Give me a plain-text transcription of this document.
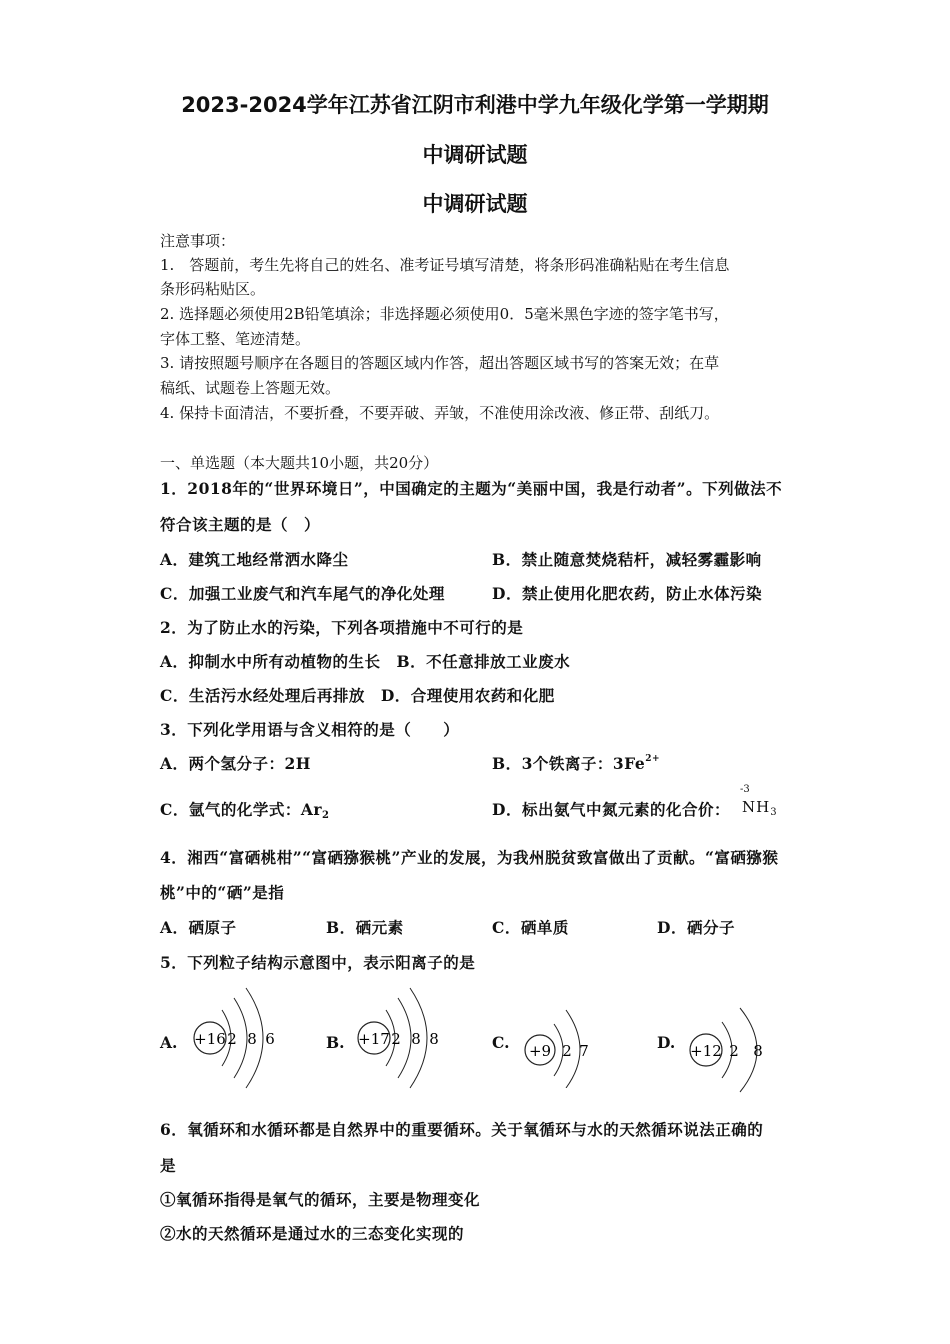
2023-2024学年江苏省江阴市利港中学九年级化学第一学期期
中调研试题
中调研试题
注意事项：
1.　答题前，考生先将自己的姓名、准考证号填写清楚，将条形码准确粘贴在考生信息
条形码粘贴区。
2. 选择题必须使用2B铅笔填涂；非选择题必须使用0．5毫米黑色字迹的签字笔书写，
字体工整、笔迹清楚。
3. 请按照题号顺序在各题目的答题区域内作答，超出答题区域书写的答案无效；在草
稿纸、试题卷上答题无效。
4. 保持卡面清洁，不要折叠，不要弄破、弄皱，不准使用涂改液、修正带、刮纸刀。
一、单选题（本大题共10小题，共20分）
1．2018年的“世界环境日”，中国确定的主题为“美丽中国，我是行动者”。下列做法不
符合该主题的是（　）
A．建筑工地经常洒水降尘	B．禁止随意焚烧秸杆，减轻雾霾影响
C．加强工业废气和汽车尾气的净化处理	D．禁止使用化肥农药，防止水体污染
2．为了防止水的污染，下列各项措施中不可行的是
A．抑制水中所有动植物的生长　B．不任意排放工业废水
C．生活污水经处理后再排放　D．合理使用农药和化肥
3．下列化学用语与含义相符的是（　　）
A．两个氢分子：2H	B．3个铁离子：$3Fe^{2+}$
C．氩气的化学式：$Ar_2$	D．标出氨气中氮元素的化合价：
-3
$NH_3$
4．湘西“富硒桃柑”“富硒猕猴桃”产业的发展，为我州脱贫致富做出了贡献。“富硒猕猴
桃”中的“硒”是指
A．硒原子	B．硒元素	C．硒单质	D．硒分子
5．下列粒子结构示意图中，表示阳离子的是
A. +16 2 8 6	B. +17 2 8 8	C. +9 2 7	D. +12 2 8
6．氧循环和水循环都是自然界中的重要循环。关于氧循环与水的天然循环说法正确的
是
①氧循环指得是氧气的循环，主要是物理变化
②水的天然循环是通过水的三态变化实现的
